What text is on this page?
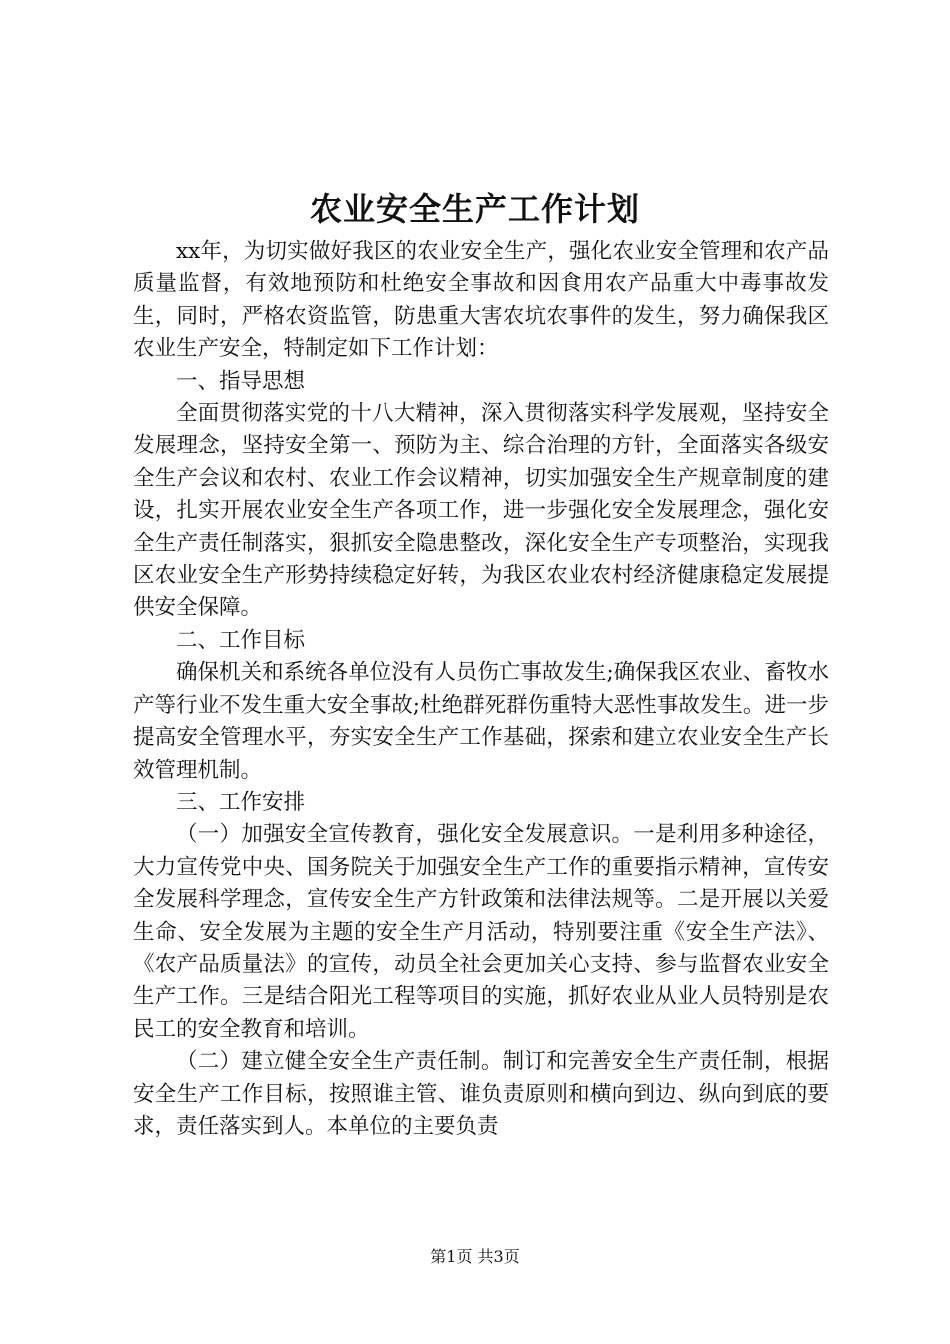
农业安全生产工作计划

xx年，为切实做好我区的农业安全生产，强化农业安全管理和农产品质量监督，有效地预防和杜绝安全事故和因食用农产品重大中毒事故发生，同时，严格农资监管，防患重大害农坑农事件的发生，努力确保我区农业生产安全，特制定如下工作计划：

一、指导思想

全面贯彻落实党的十八大精神，深入贯彻落实科学发展观，坚持安全发展理念，坚持安全第一、预防为主、综合治理的方针，全面落实各级安全生产会议和农村、农业工作会议精神，切实加强安全生产规章制度的建设，扎实开展农业安全生产各项工作，进一步强化安全发展理念，强化安全生产责任制落实，狠抓安全隐患整改，深化安全生产专项整治，实现我区农业安全生产形势持续稳定好转，为我区农业农村经济健康稳定发展提供安全保障。

二、工作目标

确保机关和系统各单位没有人员伤亡事故发生;确保我区农业、畜牧水产等行业不发生重大安全事故;杜绝群死群伤重特大恶性事故发生。进一步提高安全管理水平，夯实安全生产工作基础，探索和建立农业安全生产长效管理机制。

三、工作安排

（一）加强安全宣传教育，强化安全发展意识。一是利用多种途径，大力宣传党中央、国务院关于加强安全生产工作的重要指示精神，宣传安全发展科学理念，宣传安全生产方针政策和法律法规等。二是开展以关爱生命、安全发展为主题的安全生产月活动，特别要注重《安全生产法》、《农产品质量法》的宣传，动员全社会更加关心支持、参与监督农业安全生产工作。三是结合阳光工程等项目的实施，抓好农业从业人员特别是农民工的安全教育和培训。

（二）建立健全安全生产责任制。制订和完善安全生产责任制，根据安全生产工作目标，按照谁主管、谁负责原则和横向到边、纵向到底的要求，责任落实到人。本单位的主要负责

第1页 共3页
